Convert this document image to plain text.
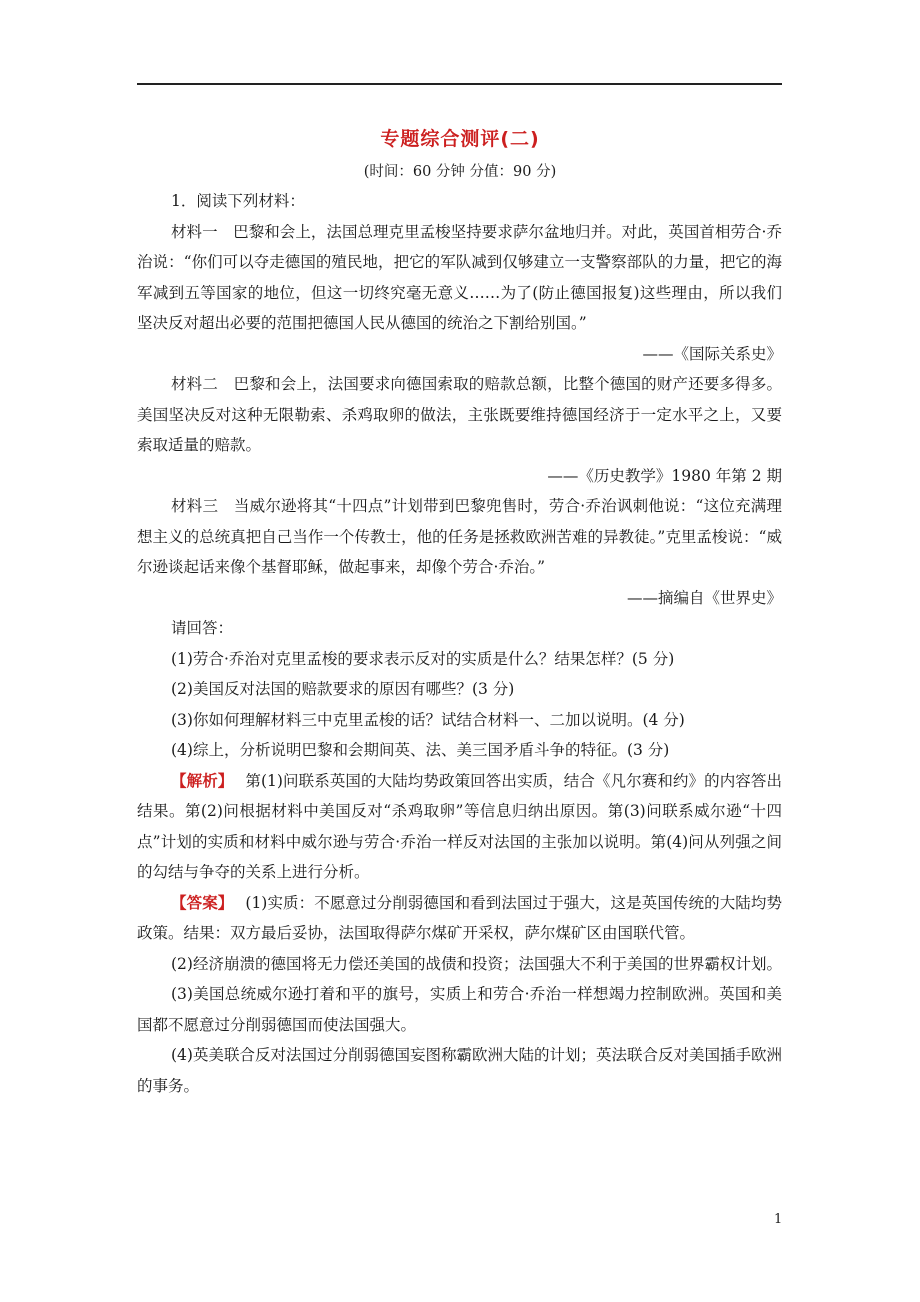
专题综合测评(二)
(时间：60 分钟 分值：90 分)

1．阅读下列材料：

材料一　巴黎和会上，法国总理克里孟梭坚持要求萨尔盆地归并。对此，英国首相劳合·乔治说：“你们可以夺走德国的殖民地，把它的军队减到仅够建立一支警察部队的力量，把它的海军减到五等国家的地位，但这一切终究毫无意义……为了(防止德国报复)这些理由，所以我们坚决反对超出必要的范围把德国人民从德国的统治之下割给别国。”

——《国际关系史》

材料二　巴黎和会上，法国要求向德国索取的赔款总额，比整个德国的财产还要多得多。美国坚决反对这种无限勒索、杀鸡取卵的做法，主张既要维持德国经济于一定水平之上，又要索取适量的赔款。

——《历史教学》1980 年第 2 期

材料三　当威尔逊将其“十四点”计划带到巴黎兜售时，劳合·乔治讽刺他说：“这位充满理想主义的总统真把自己当作一个传教士，他的任务是拯救欧洲苦难的异教徒。”克里孟梭说：“威尔逊谈起话来像个基督耶稣，做起事来，却像个劳合·乔治。”

——摘编自《世界史》

请回答：

(1)劳合·乔治对克里孟梭的要求表示反对的实质是什么？结果怎样？(5 分)

(2)美国反对法国的赔款要求的原因有哪些？(3 分)

(3)你如何理解材料三中克里孟梭的话？试结合材料一、二加以说明。(4 分)

(4)综上，分析说明巴黎和会期间英、法、美三国矛盾斗争的特征。(3 分)

【解析】 第(1)问联系英国的大陆均势政策回答出实质，结合《凡尔赛和约》的内容答出结果。第(2)问根据材料中美国反对“杀鸡取卵”等信息归纳出原因。第(3)问联系威尔逊“十四点”计划的实质和材料中威尔逊与劳合·乔治一样反对法国的主张加以说明。第(4)问从列强之间的勾结与争夺的关系上进行分析。

【答案】 (1)实质：不愿意过分削弱德国和看到法国过于强大，这是英国传统的大陆均势政策。结果：双方最后妥协，法国取得萨尔煤矿开采权，萨尔煤矿区由国联代管。

(2)经济崩溃的德国将无力偿还美国的战债和投资；法国强大不利于美国的世界霸权计划。

(3)美国总统威尔逊打着和平的旗号，实质上和劳合·乔治一样想竭力控制欧洲。英国和美国都不愿意过分削弱德国而使法国强大。

(4)英美联合反对法国过分削弱德国妄图称霸欧洲大陆的计划；英法联合反对美国插手欧洲的事务。

1
